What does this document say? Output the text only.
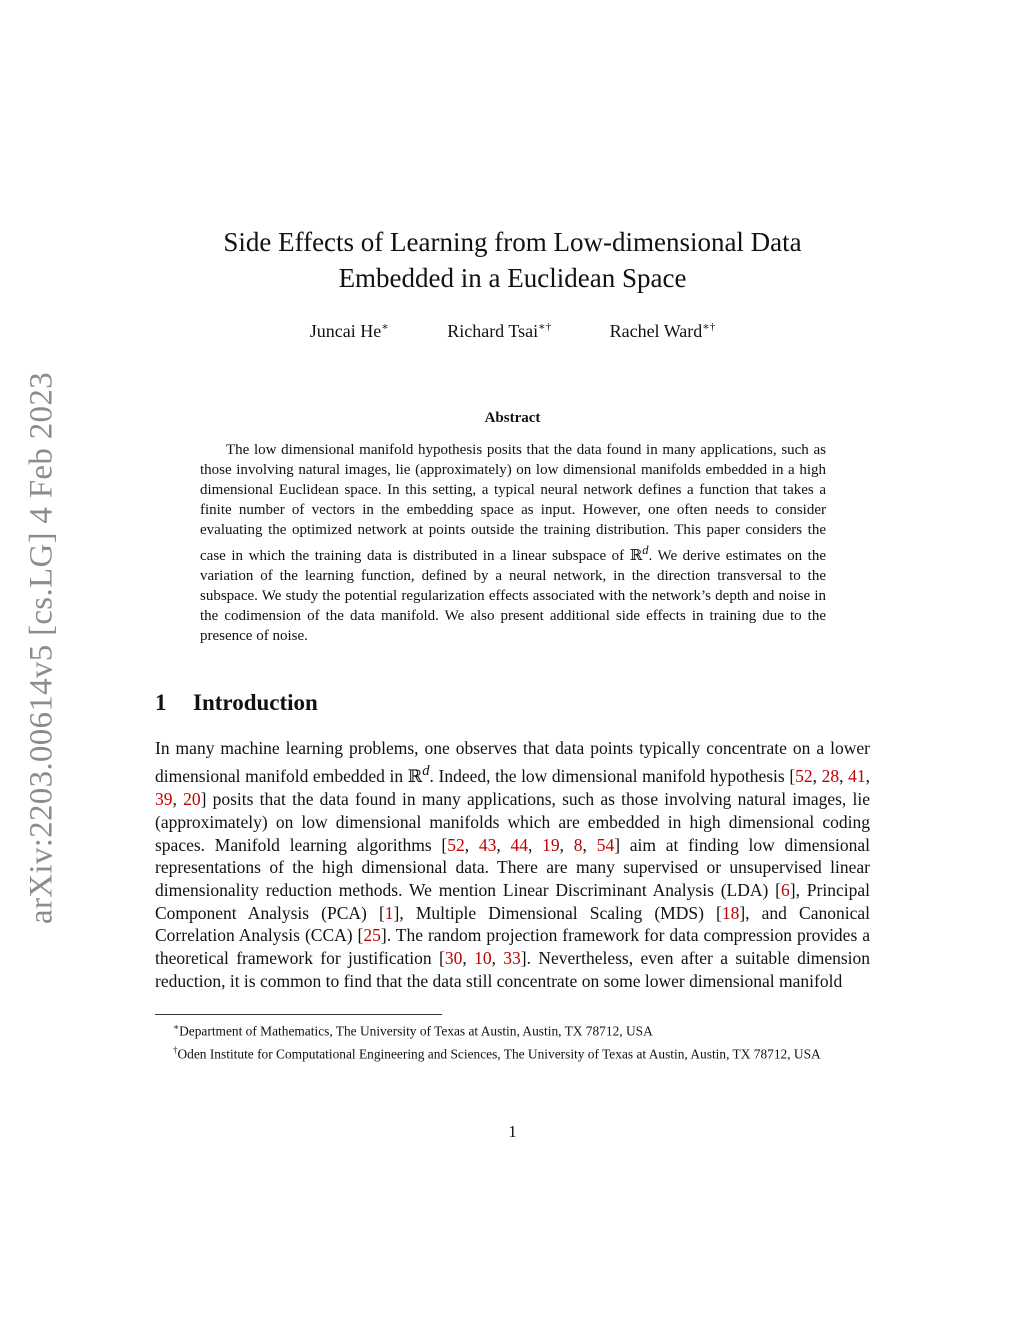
arXiv:2203.00614v5 [cs.LG] 4 Feb 2023
Side Effects of Learning from Low-dimensional Data
Embedded in a Euclidean Space
Juncai He∗	Richard Tsai∗†	Rachel Ward∗†
Abstract
The low dimensional manifold hypothesis posits that the data found in many applications, such as those involving natural images, lie (approximately) on low dimensional manifolds embedded in a high dimensional Euclidean space. In this setting, a typical neural network defines a function that takes a finite number of vectors in the embedding space as input. However, one often needs to consider evaluating the optimized network at points outside the training distribution. This paper considers the case in which the training data is distributed in a linear subspace of ℝ$^d$. We derive estimates on the variation of the learning function, defined by a neural network, in the direction transversal to the subspace. We study the potential regularization effects associated with the network’s depth and noise in the codimension of the data manifold. We also present additional side effects in training due to the presence of noise.
1 Introduction
In many machine learning problems, one observes that data points typically concentrate on a lower dimensional manifold embedded in ℝ$^d$. Indeed, the low dimensional manifold hypothesis [52, 28, 41, 39, 20] posits that the data found in many applications, such as those involving natural images, lie (approximately) on low dimensional manifolds which are embedded in high dimensional coding spaces. Manifold learning algorithms [52, 43, 44, 19, 8, 54] aim at finding low dimensional representations of the high dimensional data. There are many supervised or unsupervised linear dimensionality reduction methods. We mention Linear Discriminant Analysis (LDA) [6], Principal Component Analysis (PCA) [1], Multiple Dimensional Scaling (MDS) [18], and Canonical Correlation Analysis (CCA) [25]. The random projection framework for data compression provides a theoretical framework for justification [30, 10, 33]. Nevertheless, even after a suitable dimension reduction, it is common to find that the data still concentrate on some lower dimensional manifold

∗Department of Mathematics, The University of Texas at Austin, Austin, TX 78712, USA

†Oden Institute for Computational Engineering and Sciences, The University of Texas at Austin, Austin, TX 78712, USA

1
